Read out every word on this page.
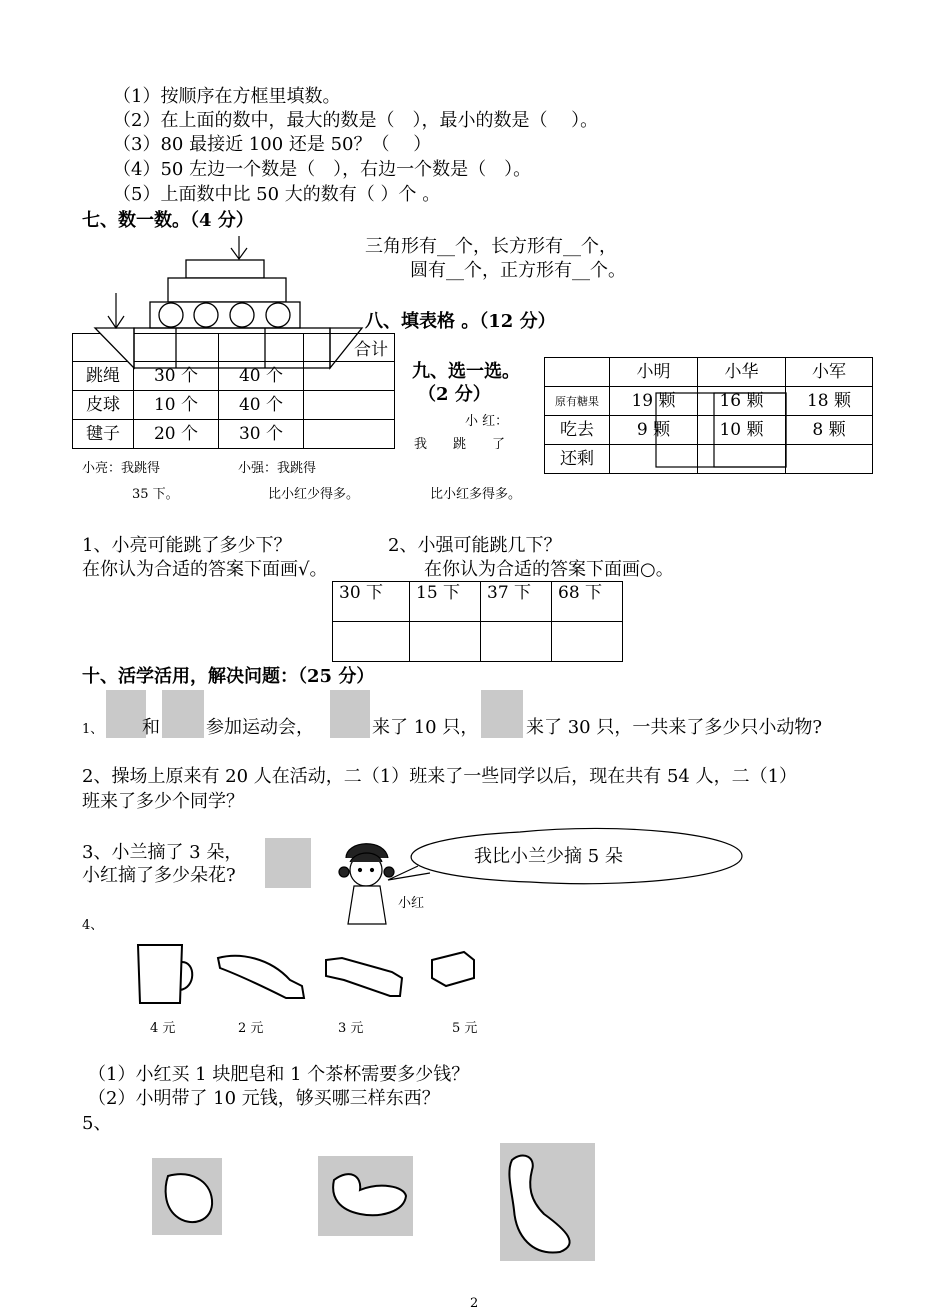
（1）按顺序在方框里填数。
（2）在上面的数中，最大的数是（　），最小的数是（　 ）。
（3）80 最接近 100 还是 50？（　 ）
（4）50 左边一个数是（　），右边一个数是（　）。
（5）上面数中比 50 大的数有（ ）个 。
七、数一数。（4 分）
三角形有__个，长方形有__个，
圆有__个，正方形有__个。
八、填表格 。（12 分）
			合计
跳绳	30 个	40 个	
皮球	10 个	40 个	
毽子	20 个	30 个	
九、选一选。
（2 分）
小 红：
我　　跳　　了
小亮：我跳得	小强：我跳得
35 下。	比小红少得多。	比小红多得多。
	小明	小华	小军
原有糖果	19 颗	16 颗	18 颗
吃去	9 颗	10 颗	8 颗
还剩			
1、小亮可能跳了多少下？	2、小强可能跳几下？
在你认为合适的答案下面画√。	在你认为合适的答案下面画○。
30 下	15 下	37 下	68 下

十、活学活用，解决问题：（25 分）
1、 和	参加运动会，	来了 10 只，	来了 30 只，一共来了多少只小动物?
2、操场上原来有 20 人在活动，二（1）班来了一些同学以后，现在共有 54 人，二（1）
班来了多少个同学？
3、小兰摘了 3 朵，
小红摘了多少朵花?
我比小兰少摘 5 朵
小红
4、
4 元	2 元	3 元	5 元
（1）小红买 1 块肥皂和 1 个茶杯需要多少钱？
（2）小明带了 10 元钱，够买哪三样东西？
5、
2
